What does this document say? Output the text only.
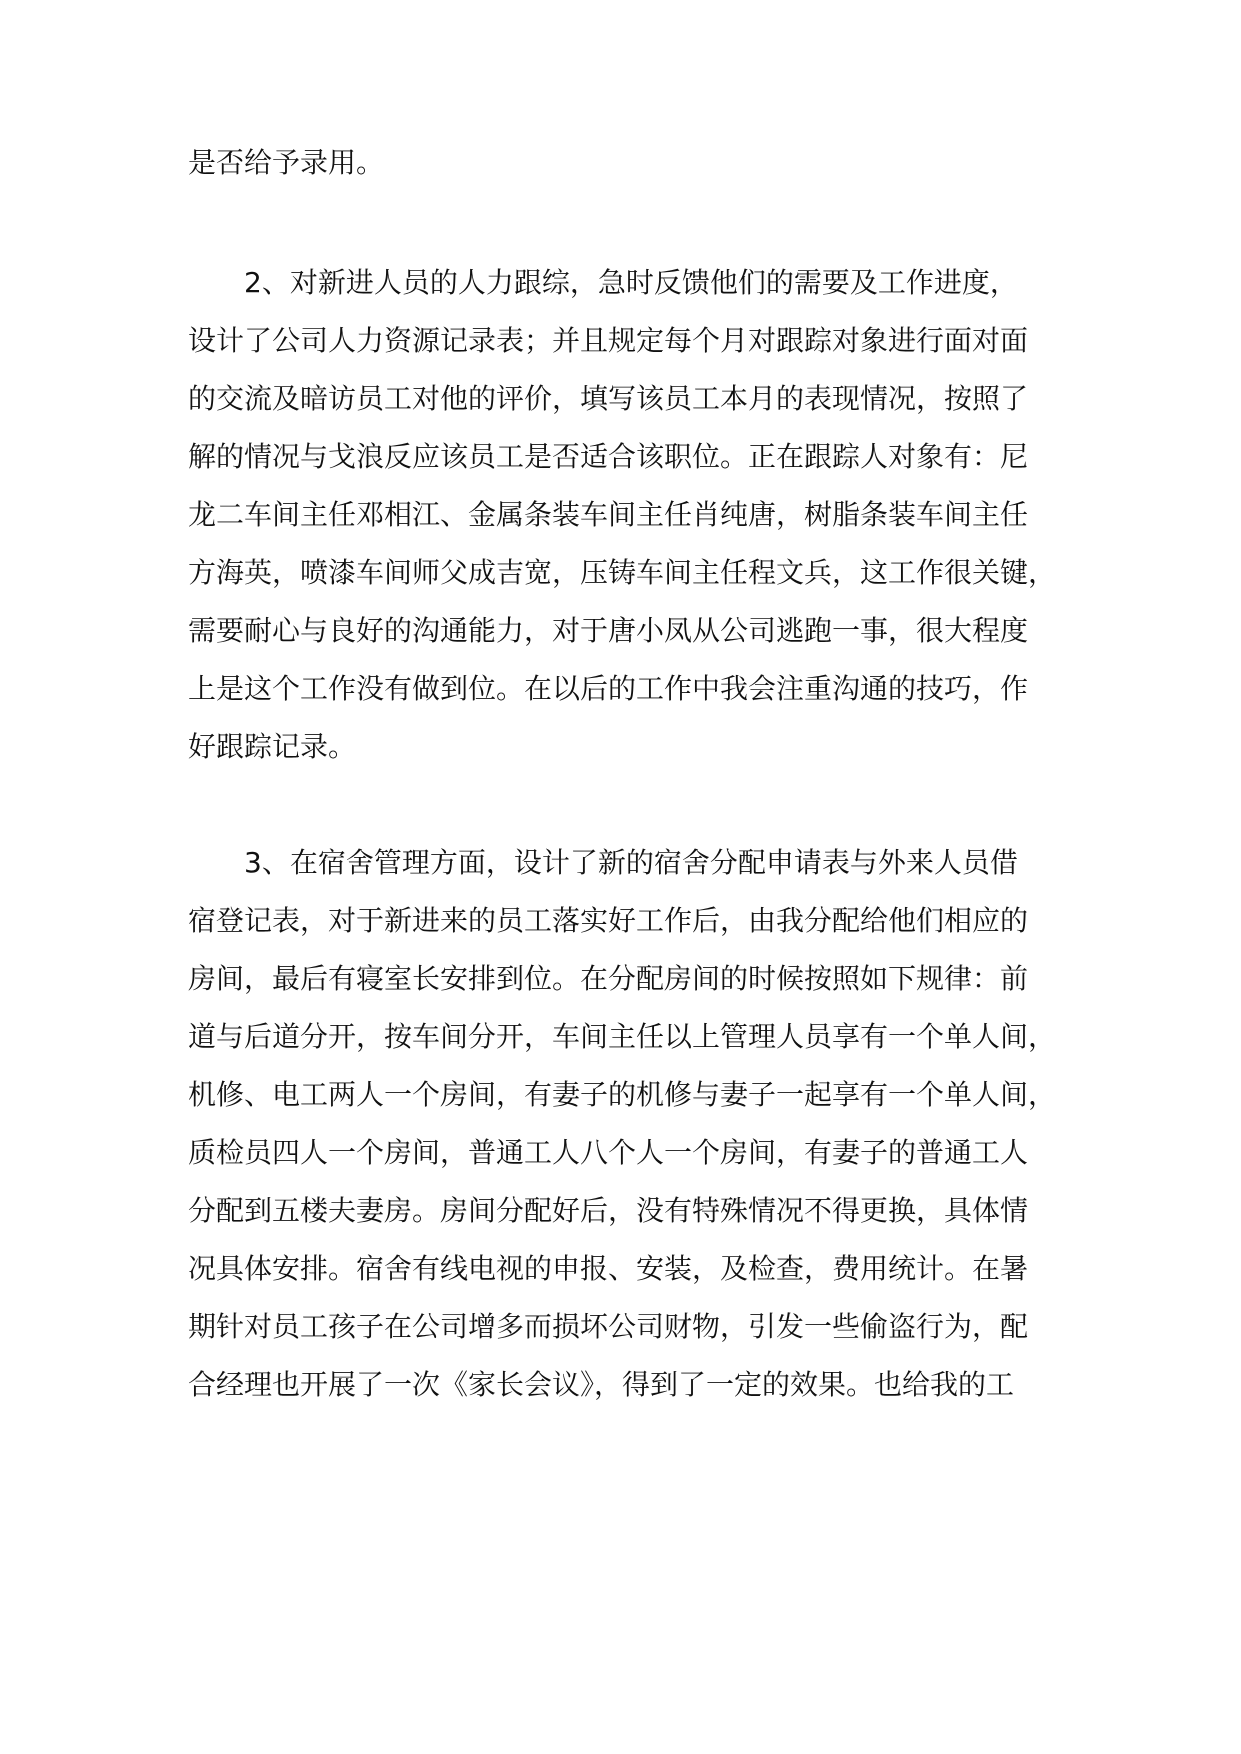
是否给予录用。
2、对新进人员的人力跟综，急时反馈他们的需要及工作进度，
设计了公司人力资源记录表；并且规定每个月对跟踪对象进行面对面
的交流及暗访员工对他的评价，填写该员工本月的表现情况，按照了
解的情况与戈浪反应该员工是否适合该职位。正在跟踪人对象有：尼
龙二车间主任邓相江、金属条装车间主任肖纯唐，树脂条装车间主任
方海英，喷漆车间师父成吉宽，压铸车间主任程文兵，这工作很关键，
需要耐心与良好的沟通能力，对于唐小凤从公司逃跑一事，很大程度
上是这个工作没有做到位。在以后的工作中我会注重沟通的技巧，作
好跟踪记录。
3、在宿舍管理方面，设计了新的宿舍分配申请表与外来人员借
宿登记表，对于新进来的员工落实好工作后，由我分配给他们相应的
房间，最后有寝室长安排到位。在分配房间的时候按照如下规律：前
道与后道分开，按车间分开，车间主任以上管理人员享有一个单人间，
机修、电工两人一个房间，有妻子的机修与妻子一起享有一个单人间，
质检员四人一个房间，普通工人八个人一个房间，有妻子的普通工人
分配到五楼夫妻房。房间分配好后，没有特殊情况不得更换，具体情
况具体安排。宿舍有线电视的申报、安装，及检查，费用统计。在暑
期针对员工孩子在公司增多而损坏公司财物，引发一些偷盗行为，配
合经理也开展了一次《家长会议》，得到了一定的效果。也给我的工
